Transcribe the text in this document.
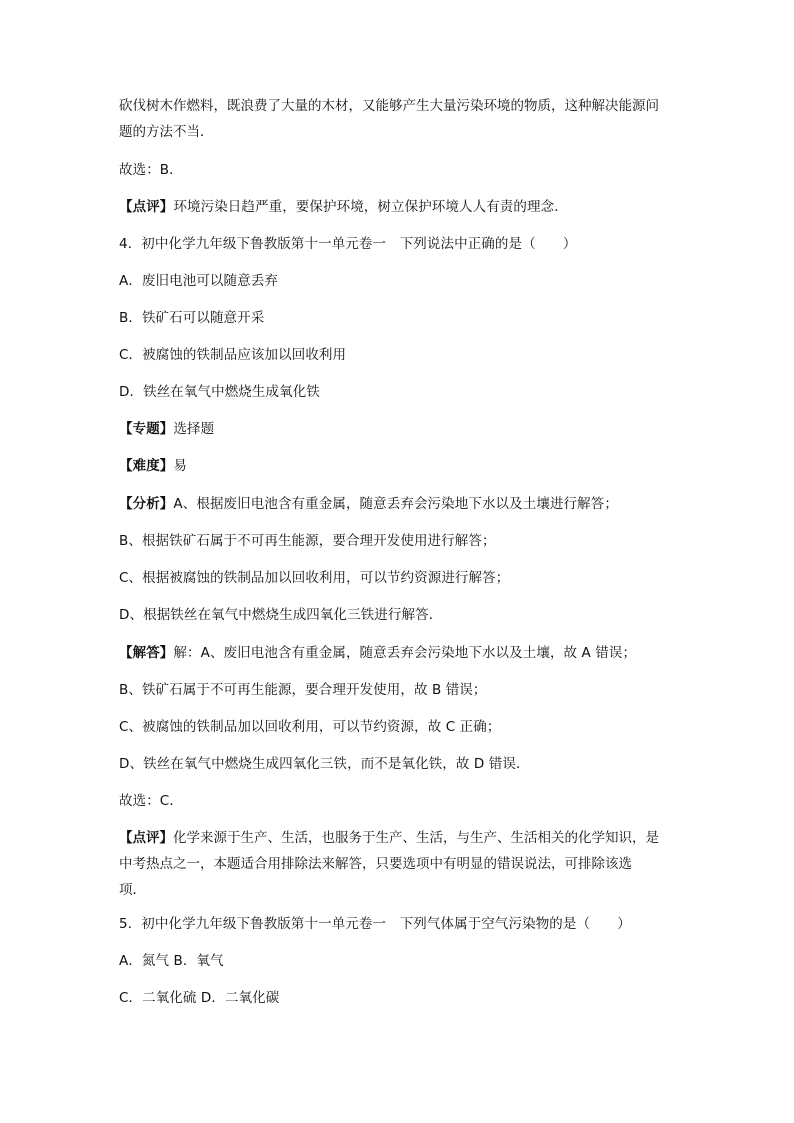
砍伐树木作燃料，既浪费了大量的木材，又能够产生大量污染环境的物质，这种解决能源问
题的方法不当．
故选：B．
【点评】环境污染日趋严重，要保护环境，树立保护环境人人有责的理念．
4．初中化学九年级下鲁教版第十一单元卷一　下列说法中正确的是（　　）
A．废旧电池可以随意丢弃
B．铁矿石可以随意开采
C．被腐蚀的铁制品应该加以回收利用
D．铁丝在氧气中燃烧生成氧化铁
【专题】选择题
【难度】易
【分析】A、根据废旧电池含有重金属，随意丢弃会污染地下水以及土壤进行解答；
B、根据铁矿石属于不可再生能源，要合理开发使用进行解答；
C、根据被腐蚀的铁制品加以回收利用，可以节约资源进行解答；
D、根据铁丝在氧气中燃烧生成四氧化三铁进行解答．
【解答】解：A、废旧电池含有重金属，随意丢弃会污染地下水以及土壤，故 A 错误；
B、铁矿石属于不可再生能源，要合理开发使用，故 B 错误；
C、被腐蚀的铁制品加以回收利用，可以节约资源，故 C 正确；
D、铁丝在氧气中燃烧生成四氧化三铁，而不是氧化铁，故 D 错误．
故选：C．
【点评】化学来源于生产、生活，也服务于生产、生活，与生产、生活相关的化学知识，是
中考热点之一，本题适合用排除法来解答，只要选项中有明显的错误说法，可排除该选
项．
5．初中化学九年级下鲁教版第十一单元卷一　下列气体属于空气污染物的是（　　）
A．氮气 B．氧气
C．二氧化硫 D．二氧化碳
